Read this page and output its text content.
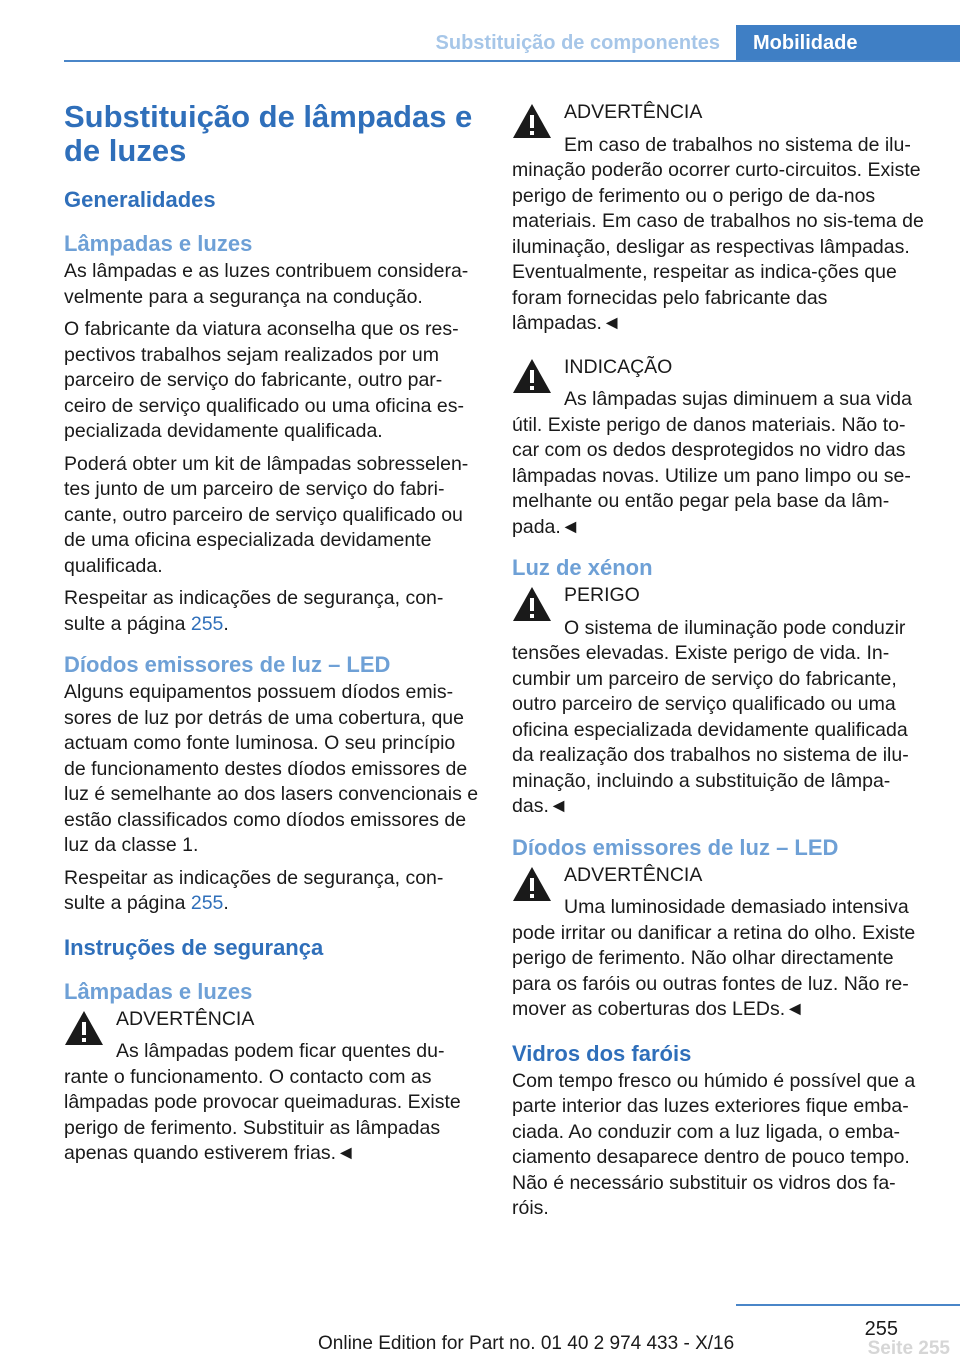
Substituição de componentes	Mobilidade
Substituição de lâmpadas e de luzes
Generalidades
Lâmpadas e luzes

As lâmpadas e as luzes contribuem considera-velmente para a segurança na condução.

O fabricante da viatura aconselha que os res-pectivos trabalhos sejam realizados por um parceiro de serviço do fabricante, outro par-ceiro de serviço qualificado ou uma oficina es-pecializada devidamente qualificada.

Poderá obter um kit de lâmpadas sobresselen-tes junto de um parceiro de serviço do fabri-cante, outro parceiro de serviço qualificado ou de uma oficina especializada devidamente qualificada.

Respeitar as indicações de segurança, con-sulte a página 255.

Díodos emissores de luz – LED

Alguns equipamentos possuem díodos emis-sores de luz por detrás de uma cobertura, que actuam como fonte luminosa. O seu princípio de funcionamento destes díodos emissores de luz é semelhante ao dos lasers convencionais e estão classificados como díodos emissores de luz da classe 1.

Respeitar as indicações de segurança, con-sulte a página 255.

Instruções de segurança
Lâmpadas e luzes
ADVERTÊNCIA

As lâmpadas podem ficar quentes du-rante o funcionamento. O contacto com as lâmpadas pode provocar queimaduras. Existe perigo de ferimento. Substituir as lâmpadas apenas quando estiverem frias.◄

ADVERTÊNCIA

Em caso de trabalhos no sistema de ilu-minação poderão ocorrer curto-circuitos. Existe perigo de ferimento ou o perigo de da-nos materiais. Em caso de trabalhos no sis-tema de iluminação, desligar as respectivas lâmpadas. Eventualmente, respeitar as indica-ções que foram fornecidas pelo fabricante das lâmpadas.◄

INDICAÇÃO

As lâmpadas sujas diminuem a sua vida útil. Existe perigo de danos materiais. Não to-car com os dedos desprotegidos no vidro das lâmpadas novas. Utilize um pano limpo ou se-melhante ou então pegar pela base da lâm-pada.◄

Luz de xénon
PERIGO

O sistema de iluminação pode conduzir tensões elevadas. Existe perigo de vida. In-cumbir um parceiro de serviço do fabricante, outro parceiro de serviço qualificado ou uma oficina especializada devidamente qualificada da realização dos trabalhos no sistema de ilu-minação, incluindo a substituição de lâmpa-das.◄

Díodos emissores de luz – LED
ADVERTÊNCIA

Uma luminosidade demasiado intensiva pode irritar ou danificar a retina do olho. Existe perigo de ferimento. Não olhar directamente para os faróis ou outras fontes de luz. Não re-mover as coberturas dos LEDs.◄

Vidros dos faróis

Com tempo fresco ou húmido é possível que a parte interior das luzes exteriores fique emba-ciada. Ao conduzir com a luz ligada, o emba-ciamento desaparece dentro de pouco tempo. Não é necessário substituir os vidros dos fa-róis.

255
Online Edition for Part no. 01 40 2 974 433 - X/16	Seite 255
